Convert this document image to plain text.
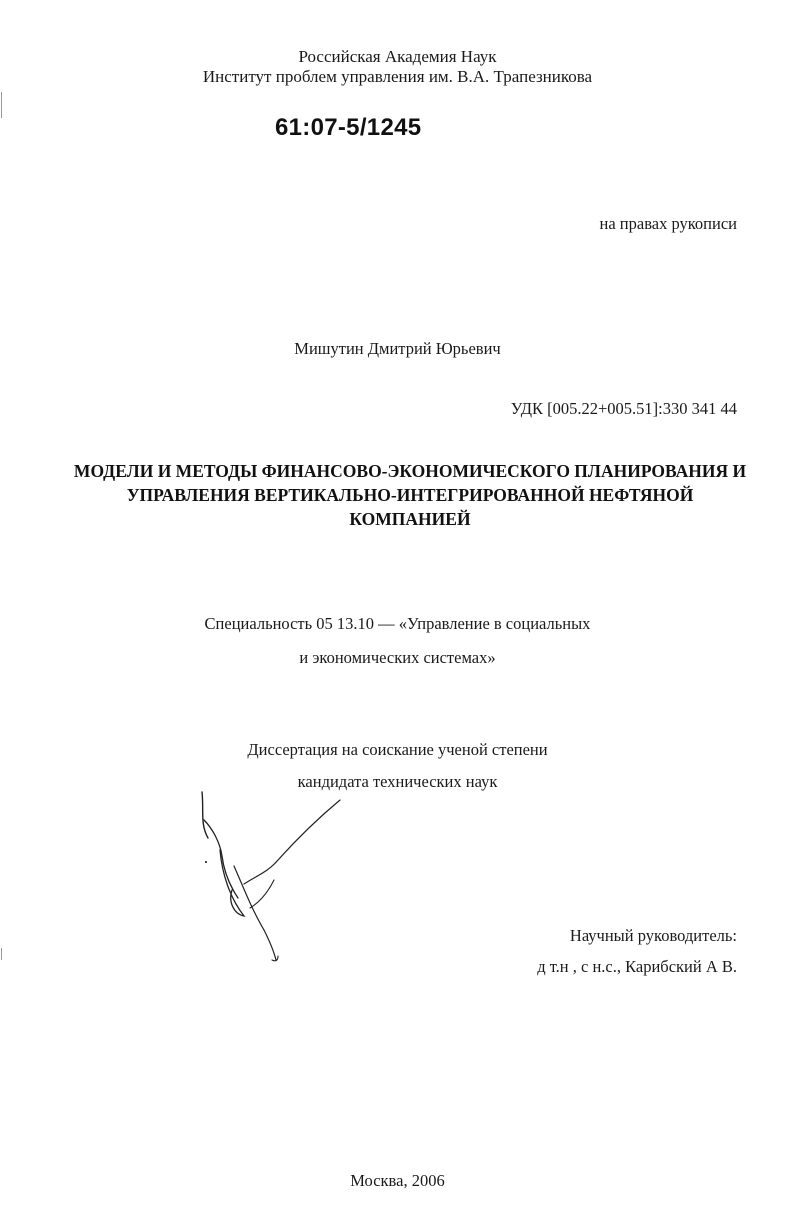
Российская Академия Наук
Институт проблем управления им. В.А. Трапезникова
61:07-5/1245
на правах рукописи
Мишутин Дмитрий Юрьевич
УДК [005.22+005.51]:330 341 44
МОДЕЛИ И МЕТОДЫ ФИНАНСОВО-ЭКОНОМИЧЕСКОГО ПЛАНИРОВАНИЯ И
УПРАВЛЕНИЯ ВЕРТИКАЛЬНО-ИНТЕГРИРОВАННОЙ НЕФТЯНОЙ
КОМПАНИЕЙ
Специальность 05 13.10 — «Управление в социальных
и экономических системах»
Диссертация на соискание ученой степени
кандидата технических наук
Научный руководитель:
д т.н , с н.с., Карибский А В.
Москва, 2006
